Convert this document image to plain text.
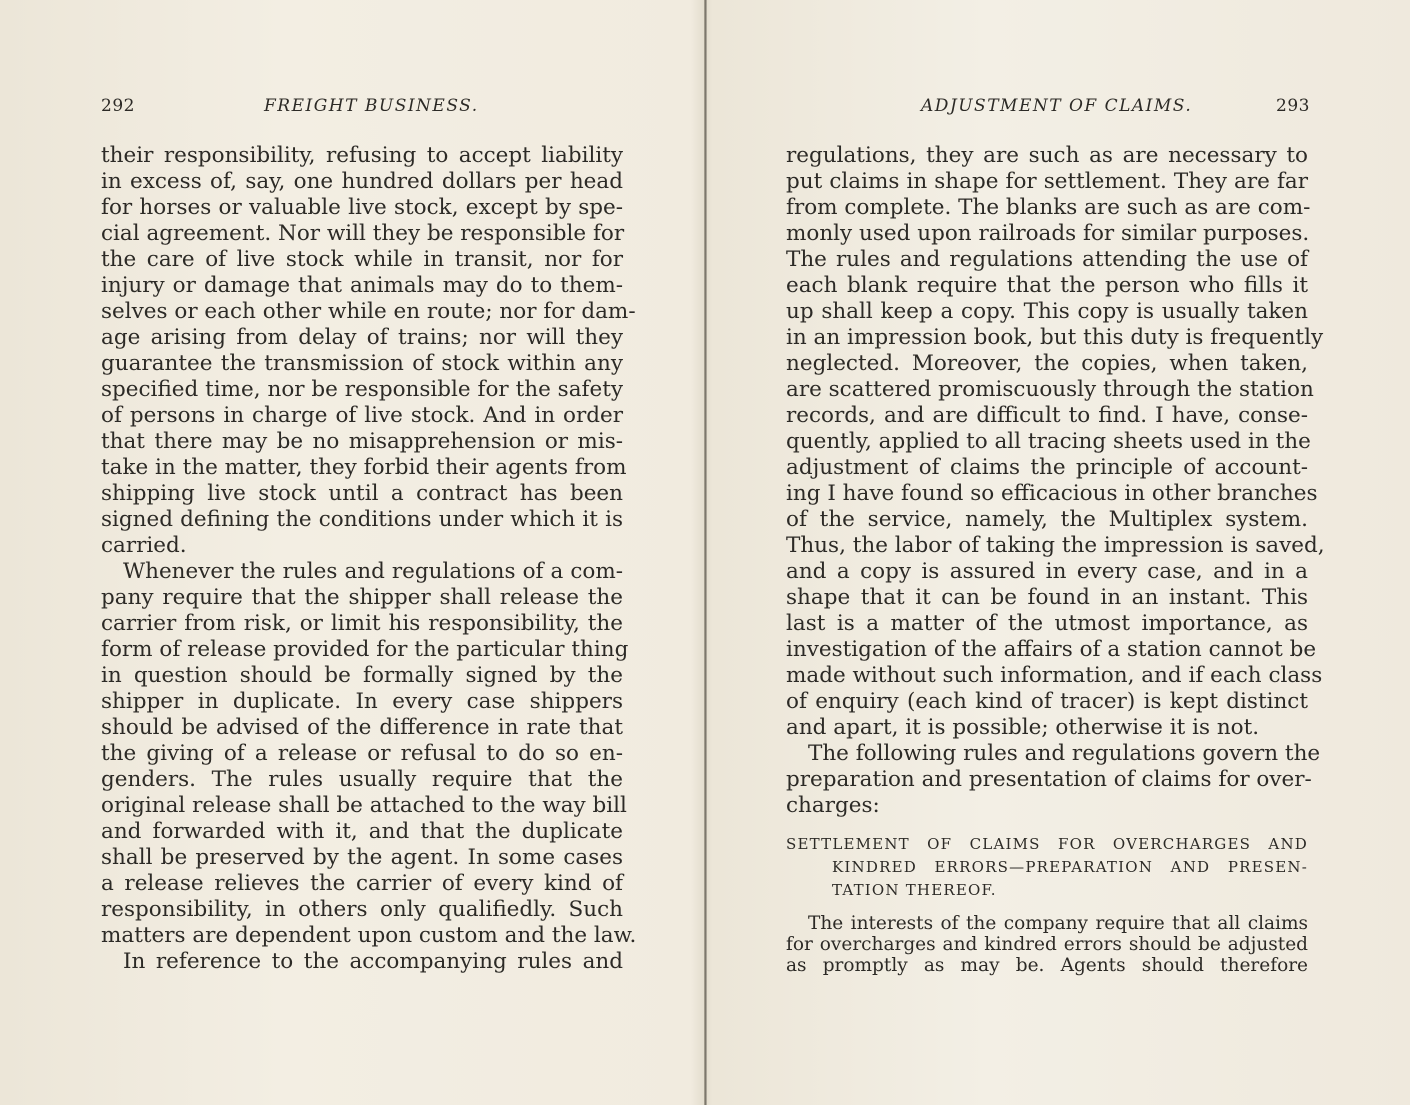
292	FREIGHT BUSINESS.
their responsibility, refusing to accept liability
in excess of, say, one hundred dollars per head
for horses or valuable live stock, except by spe-
cial agreement. Nor will they be responsible for
the care of live stock while in transit, nor for
injury or damage that animals may do to them-
selves or each other while en route; nor for dam-
age arising from delay of trains; nor will they
guarantee the transmission of stock within any
specified time, nor be responsible for the safety
of persons in charge of live stock. And in order
that there may be no misapprehension or mis-
take in the matter, they forbid their agents from
shipping live stock until a contract has been
signed defining the conditions under which it is
carried.
Whenever the rules and regulations of a com-
pany require that the shipper shall release the
carrier from risk, or limit his responsibility, the
form of release provided for the particular thing
in question should be formally signed by the
shipper in duplicate. In every case shippers
should be advised of the difference in rate that
the giving of a release or refusal to do so en-
genders. The rules usually require that the
original release shall be attached to the way bill
and forwarded with it, and that the duplicate
shall be preserved by the agent. In some cases
a release relieves the carrier of every kind of
responsibility, in others only qualifiedly. Such
matters are dependent upon custom and the law.
In reference to the accompanying rules and
ADJUSTMENT OF CLAIMS.	293
regulations, they are such as are necessary to
put claims in shape for settlement. They are far
from complete. The blanks are such as are com-
monly used upon railroads for similar purposes.
The rules and regulations attending the use of
each blank require that the person who fills it
up shall keep a copy. This copy is usually taken
in an impression book, but this duty is frequently
neglected. Moreover, the copies, when taken,
are scattered promiscuously through the station
records, and are difficult to find. I have, conse-
quently, applied to all tracing sheets used in the
adjustment of claims the principle of account-
ing I have found so efficacious in other branches
of the service, namely, the Multiplex system.
Thus, the labor of taking the impression is saved,
and a copy is assured in every case, and in a
shape that it can be found in an instant. This
last is a matter of the utmost importance, as
investigation of the affairs of a station cannot be
made without such information, and if each class
of enquiry (each kind of tracer) is kept distinct
and apart, it is possible; otherwise it is not.
The following rules and regulations govern the
preparation and presentation of claims for over-
charges:
SETTLEMENT OF CLAIMS FOR OVERCHARGES AND
KINDRED ERRORS—PREPARATION AND PRESEN-
TATION THEREOF.
The interests of the company require that all claims
for overcharges and kindred errors should be adjusted
as promptly as may be. Agents should therefore
